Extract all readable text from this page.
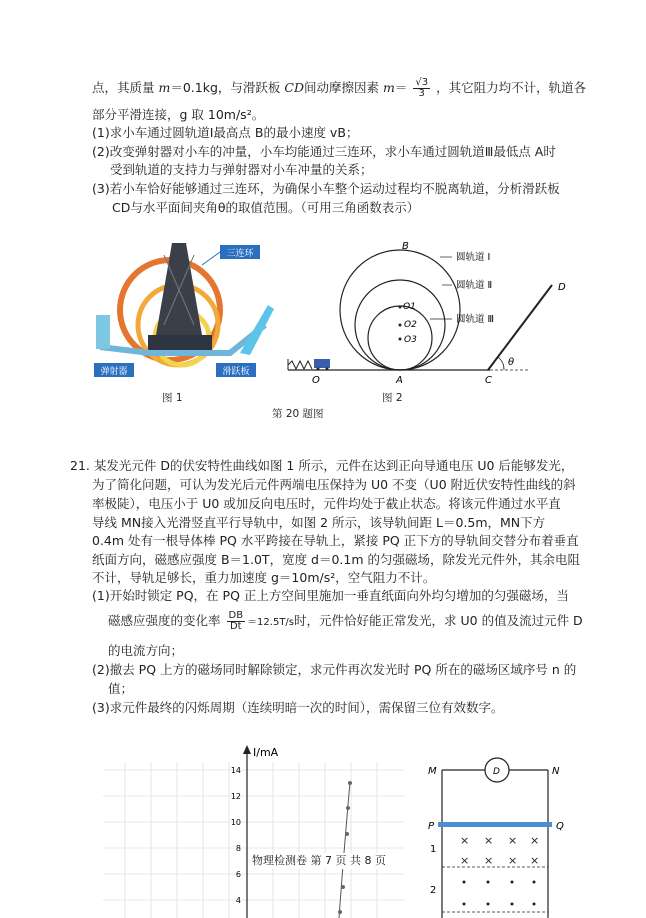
点，其质量 m＝0.1kg，与滑跃板 CD间动摩擦因素 $m= \frac{√3}{3}$ ，其它阻力均不计，轨道各
部分平滑连接，g 取 10m/s²。
(1)求小车通过圆轨道Ⅰ最高点 B的最小速度 vB；
(2)改变弹射器对小车的冲量，小车均能通过三连环，求小车通过圆轨道Ⅲ最低点 A时
受到轨道的支持力与弹射器对小车冲量的关系；
(3)若小车恰好能够通过三连环，为确保小车整个运动过程均不脱离轨道，分析滑跃板
CD与水平面间夹角θ的取值范围。（可用三角函数表示）
三连环
弹射器	滑跃板
图 1
B
圆轨道 Ⅰ
圆轨道 Ⅱ
圆轨道 Ⅲ
O1
O2
O3
O	A	C
D
θ
图 2
第 20 题图
21. 某发光元件 D的伏安特性曲线如图 1 所示，元件在达到正向导通电压 U0 后能够发光，
为了简化问题，可认为发光后元件两端电压保持为 U0 不变（U0 附近伏安特性曲线的斜
率极陡），电压小于 U0 或加反向电压时，元件均处于截止状态。将该元件通过水平直
导线 MN接入光滑竖直平行导轨中，如图 2 所示，该导轨间距 L＝0.5m，MN下方
0.4m 处有一根导体棒 PQ 水平跨接在导轨上，紧接 PQ 正下方的导轨间交替分布着垂直
纸面方向，磁感应强度 B＝1.0T，宽度 d＝0.1m 的匀强磁场，除发光元件外，其余电阻
不计，导轨足够长，重力加速度 g＝10m/s²，空气阻力不计。
(1)开始时锁定 PQ，在 PQ 正上方空间里施加一垂直纸面向外均匀增加的匀强磁场，当
磁感应强度的变化率 $\frac{DB}{Dt} =12.5T/s$时，元件恰好能正常发光，求 U0 的值及流过元件 D
的电流方向；
(2)撤去 PQ 上方的磁场同时解除锁定，求元件再次发光时 PQ 所在的磁场区域序号 n 的
值；
(3)求元件最终的闪烁周期（连续明暗一次的时间），需保留三位有效数字。
I/mA
14
12
10
8
6
4
物理检测卷 第 7 页 共 8 页
× × × ×
× × × ×
M	N
D
P	Q
1
2
